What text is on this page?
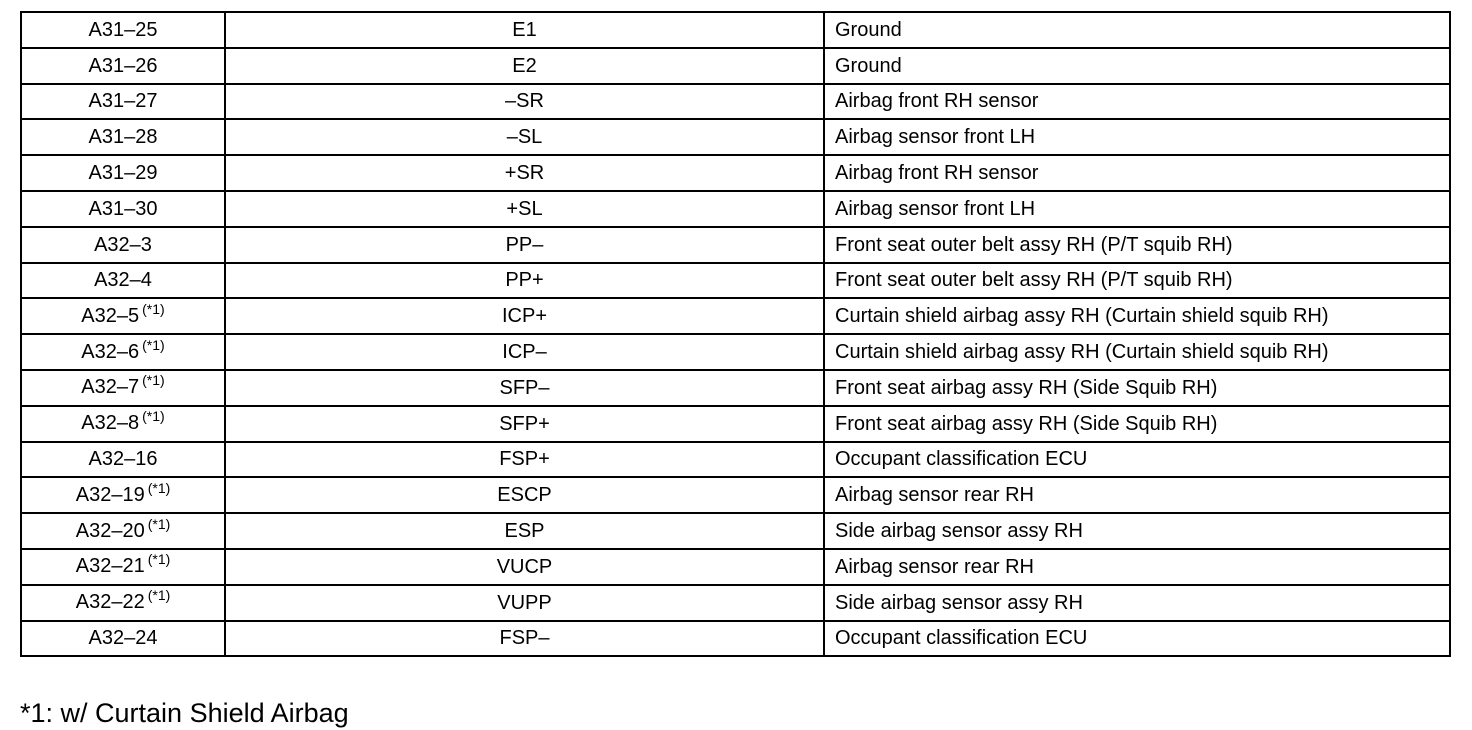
A31–25	E1	Ground
A31–26	E2	Ground
A31–27	–SR	Airbag front RH sensor
A31–28	–SL	Airbag sensor front LH
A31–29	+SR	Airbag front RH sensor
A31–30	+SL	Airbag sensor front LH
A32–3	PP–	Front seat outer belt assy RH (P/T squib RH)
A32–4	PP+	Front seat outer belt assy RH (P/T squib RH)
A32–5 $^{(*1)}$	ICP+	Curtain shield airbag assy RH (Curtain shield squib RH)
A32–6 $^{(*1)}$	ICP–	Curtain shield airbag assy RH (Curtain shield squib RH)
A32–7 $^{(*1)}$	SFP–	Front seat airbag assy RH (Side Squib RH)
A32–8 $^{(*1)}$	SFP+	Front seat airbag assy RH (Side Squib RH)
A32–16	FSP+	Occupant classification ECU
A32–19 $^{(*1)}$	ESCP	Airbag sensor rear RH
A32–20 $^{(*1)}$	ESP	Side airbag sensor assy RH
A32–21 $^{(*1)}$	VUCP	Airbag sensor rear RH
A32–22 $^{(*1)}$	VUPP	Side airbag sensor assy RH
A32–24	FSP–	Occupant classification ECU
*1: w/ Curtain Shield Airbag
